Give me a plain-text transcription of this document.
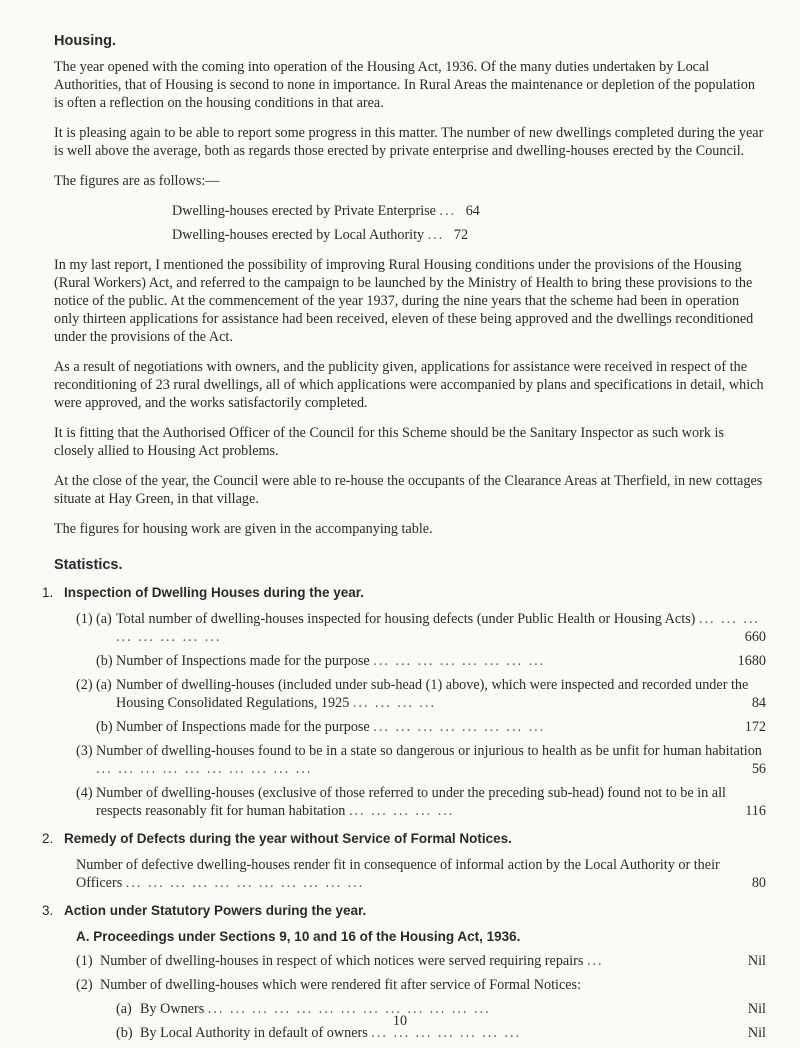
Housing.

The year opened with the coming into operation of the Housing Act, 1936. Of the many duties undertaken by Local Authorities, that of Housing is second to none in importance. In Rural Areas the maintenance or depletion of the population is often a reflection on the housing conditions in that area.

It is pleasing again to be able to report some progress in this matter. The number of new dwellings completed during the year is well above the average, both as regards those erected by private enterprise and dwelling-houses erected by the Council.

The figures are as follows:—

Dwelling-houses erected by Private Enterprise ... 64
Dwelling-houses erected by Local Authority ... 72

In my last report, I mentioned the possibility of improving Rural Housing conditions under the provisions of the Housing (Rural Workers) Act, and referred to the campaign to be launched by the Ministry of Health to bring these provisions to the notice of the public. At the commencement of the year 1937, during the nine years that the scheme had been in operation only thirteen applications for assistance had been received, eleven of these being approved and the dwellings reconditioned under the provisions of the Act.

As a result of negotiations with owners, and the publicity given, applications for assistance were received in respect of the reconditioning of 23 rural dwellings, all of which applications were accompanied by plans and specifications in detail, which were approved, and the works satisfactorily completed.

It is fitting that the Authorised Officer of the Council for this Scheme should be the Sanitary Inspector as such work is closely allied to Housing Act problems.

At the close of the year, the Council were able to re-house the occupants of the Clearance Areas at Therfield, in new cottages situate at Hay Green, in that village.

The figures for housing work are given in the accompanying table.

Statistics.
1. Inspection of Dwelling Houses during the year.
(1) (a) Total number of dwelling-houses inspected for housing defects (under Public Health or Housing Acts) ... ... ... ... ... ... ... ...	660
(b) Number of Inspections made for the purpose ... ... ... ... ... ... ... ...	1680
(2) (a) Number of dwelling-houses (included under sub-head (1) above), which were inspected and recorded under the Housing Consolidated Regulations, 1925 ... ... ... ...	84
(b) Number of Inspections made for the purpose ... ... ... ... ... ... ... ...	172
(3) Number of dwelling-houses found to be in a state so dangerous or injurious to health as be unfit for human habitation ... ... ... ... ... ... ... ... ... ...	56
(4) Number of dwelling-houses (exclusive of those referred to under the preceding sub-head) found not to be in all respects reasonably fit for human habitation ... ... ... ... ...	116
2. Remedy of Defects during the year without Service of Formal Notices.
Number of defective dwelling-houses render fit in consequence of informal action by the Local Authority or their Officers ... ... ... ... ... ... ... ... ... ... ...	80
3. Action under Statutory Powers during the year.
A. Proceedings under Sections 9, 10 and 16 of the Housing Act, 1936.
(1) Number of dwelling-houses in respect of which notices were served requiring repairs ...	Nil
(2) Number of dwelling-houses which were rendered fit after service of Formal Notices:
(a) By Owners ... ... ... ... ... ... ... ... ... ... ... ... ...	Nil
(b) By Local Authority in default of owners ... ... ... ... ... ... ...	Nil
10
